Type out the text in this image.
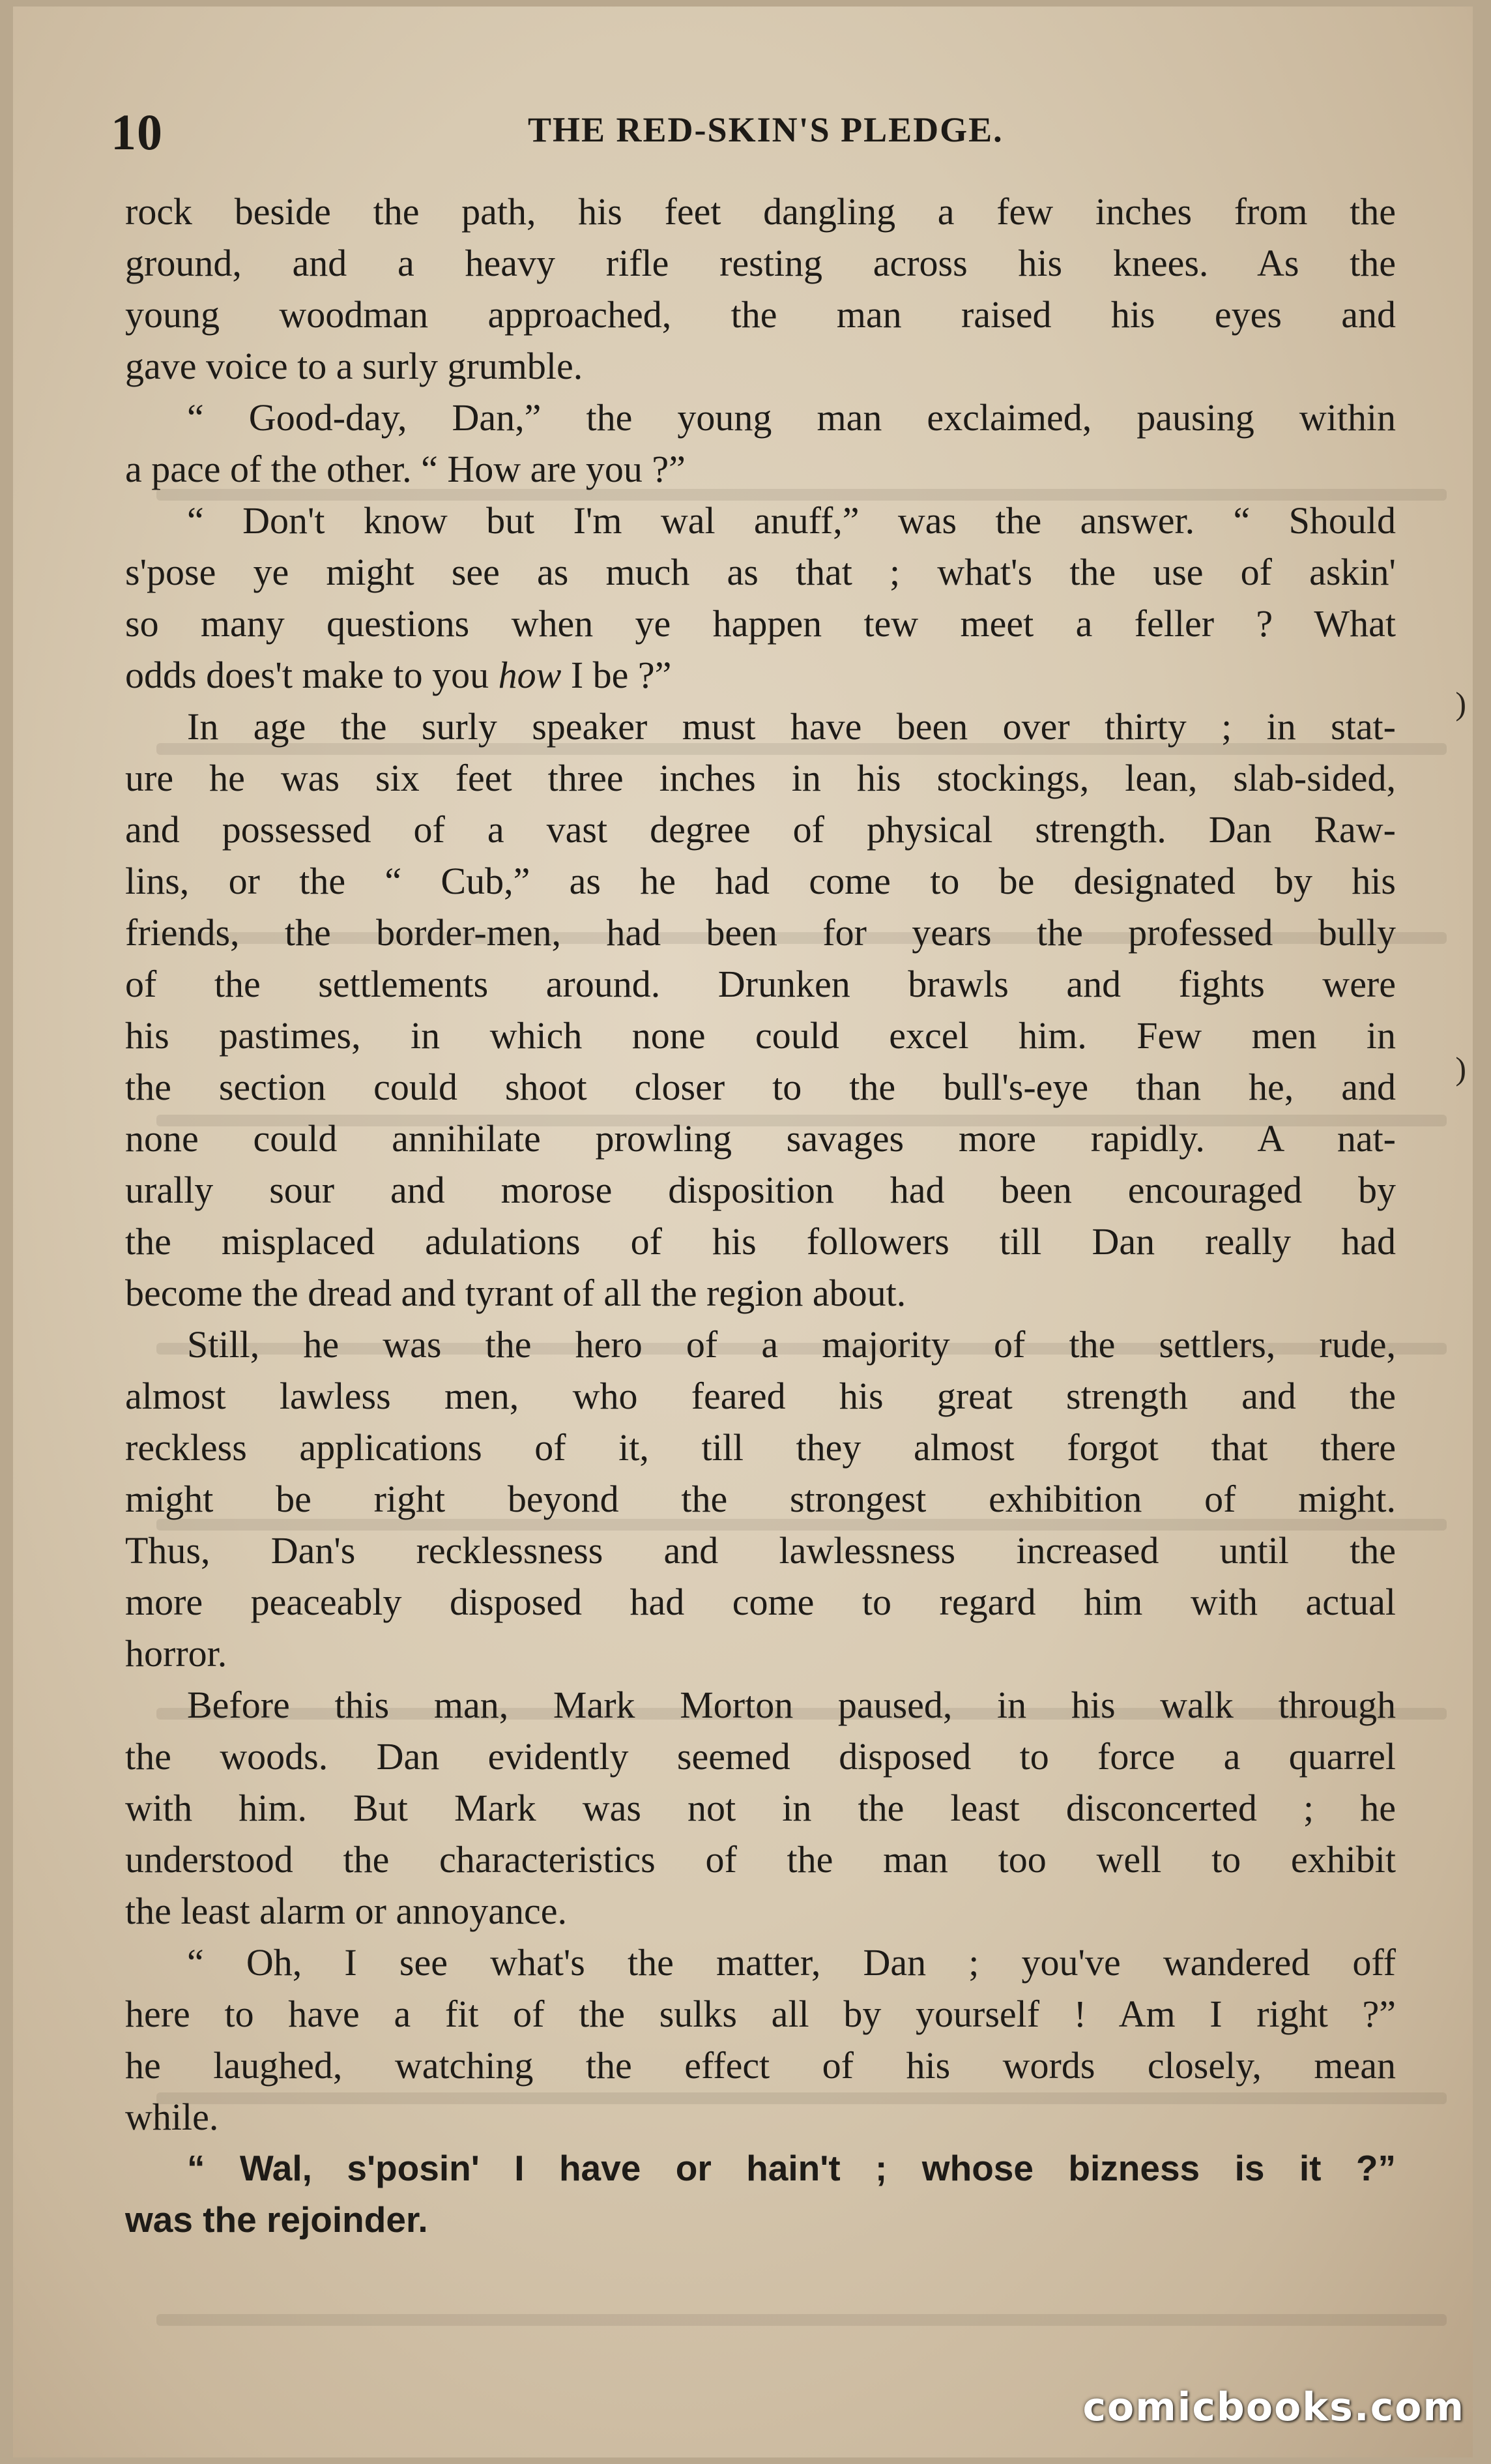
10	THE RED-SKIN'S PLEDGE.
rock beside the path, his feet dangling a few inches from the
ground, and a heavy rifle resting across his knees. As the
young woodman approached, the man raised his eyes and
gave voice to a surly grumble.
“ Good-day, Dan,” the young man exclaimed, pausing within
a pace of the other. “ How are you ?”
“ Don't know but I'm wal anuff,” was the answer. “ Should
s'pose ye might see as much as that ; what's the use of askin'
so many questions when ye happen tew meet a feller ? What
odds does't make to you how I be ?”
In age the surly speaker must have been over thirty ; in stat-
ure he was six feet three inches in his stockings, lean, slab-sided,
and possessed of a vast degree of physical strength. Dan Raw-
lins, or the “ Cub,” as he had come to be designated by his
friends, the border-men, had been for years the professed bully
of the settlements around. Drunken brawls and fights were
his pastimes, in which none could excel him. Few men in
the section could shoot closer to the bull's-eye than he, and
none could annihilate prowling savages more rapidly. A nat-
urally sour and morose disposition had been encouraged by
the misplaced adulations of his followers till Dan really had
become the dread and tyrant of all the region about.
Still, he was the hero of a majority of the settlers, rude,
almost lawless men, who feared his great strength and the
reckless applications of it, till they almost forgot that there
might be right beyond the strongest exhibition of might.
Thus, Dan's recklessness and lawlessness increased until the
more peaceably disposed had come to regard him with actual
horror.
Before this man, Mark Morton paused, in his walk through
the woods. Dan evidently seemed disposed to force a quarrel
with him. But Mark was not in the least disconcerted ; he
understood the characteristics of the man too well to exhibit
the least alarm or annoyance.
“ Oh, I see what's the matter, Dan ; you've wandered off
here to have a fit of the sulks all by yourself ! Am I right ?”
he laughed, watching the effect of his words closely, mean
while.
“ Wal, s'posin' I have or hain't ; whose bizness is it ?”
was the rejoinder.
)
)
comicbooks.com
